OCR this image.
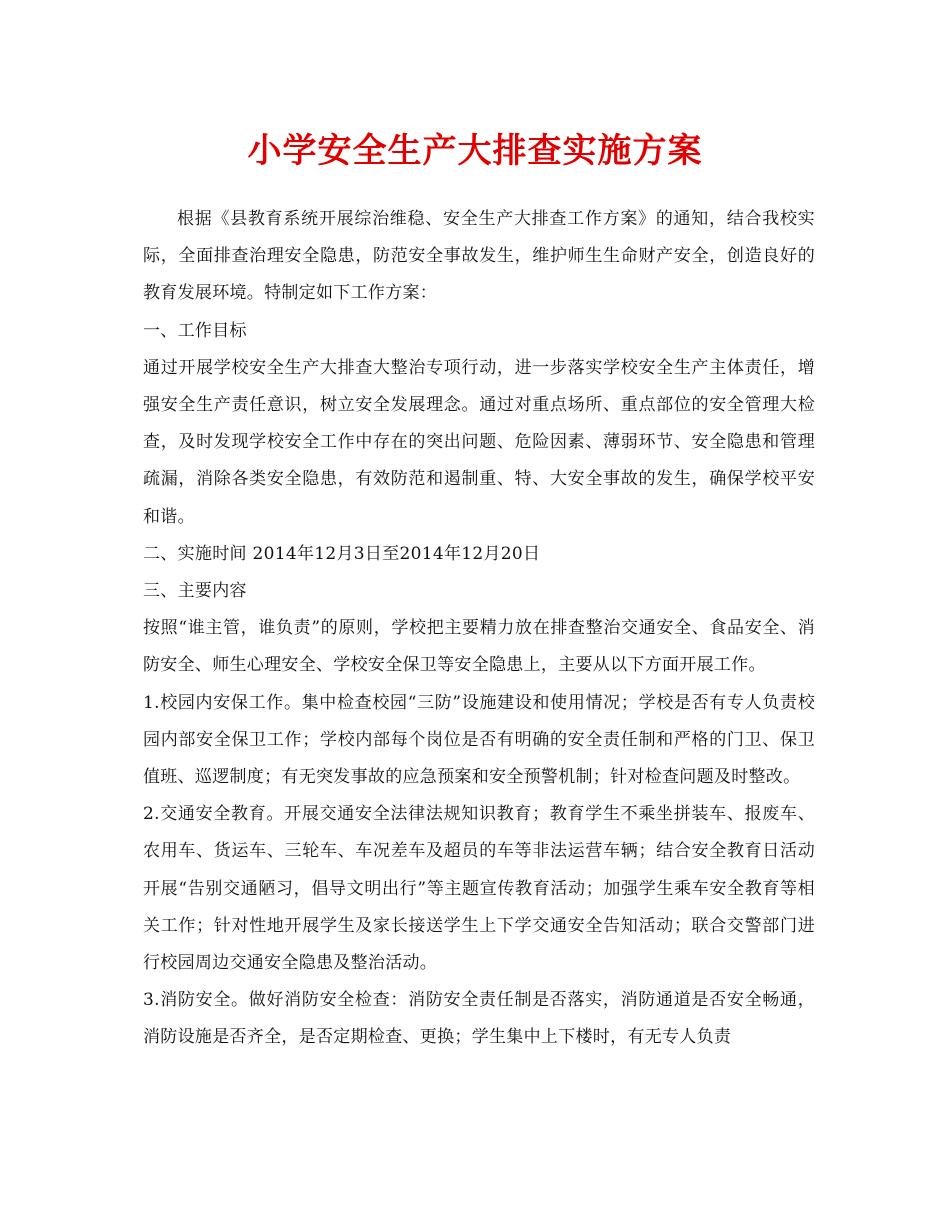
小学安全生产大排查实施方案

根据《县教育系统开展综治维稳、安全生产大排查工作方案》的通知，结合我校实际，全面排查治理安全隐患，防范安全事故发生，维护师生生命财产安全，创造良好的教育发展环境。特制定如下工作方案：

一、工作目标

通过开展学校安全生产大排查大整治专项行动，进一步落实学校安全生产主体责任，增强安全生产责任意识，树立安全发展理念。通过对重点场所、重点部位的安全管理大检查，及时发现学校安全工作中存在的突出问题、危险因素、薄弱环节、安全隐患和管理疏漏，消除各类安全隐患，有效防范和遏制重、特、大安全事故的发生，确保学校平安和谐。

二、实施时间 2014年12月3日至2014年12月20日

三、主要内容

按照“谁主管，谁负责”的原则，学校把主要精力放在排查整治交通安全、食品安全、消防安全、师生心理安全、学校安全保卫等安全隐患上，主要从以下方面开展工作。

1.校园内安保工作。集中检查校园“三防”设施建设和使用情况；学校是否有专人负责校园内部安全保卫工作；学校内部每个岗位是否有明确的安全责任制和严格的门卫、保卫值班、巡逻制度；有无突发事故的应急预案和安全预警机制；针对检查问题及时整改。

2.交通安全教育。开展交通安全法律法规知识教育；教育学生不乘坐拼装车、报废车、农用车、货运车、三轮车、车况差车及超员的车等非法运营车辆；结合安全教育日活动开展“告别交通陋习，倡导文明出行”等主题宣传教育活动；加强学生乘车安全教育等相关工作；针对性地开展学生及家长接送学生上下学交通安全告知活动；联合交警部门进行校园周边交通安全隐患及整治活动。

3.消防安全。做好消防安全检查：消防安全责任制是否落实，消防通道是否安全畅通，消防设施是否齐全，是否定期检查、更换；学生集中上下楼时，有无专人负责
